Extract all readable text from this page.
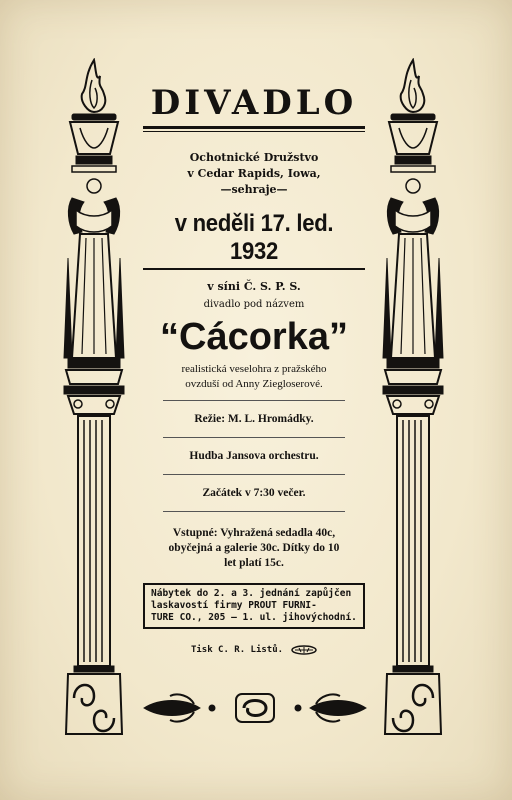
DIVADLO
Ochotnické Družstvo
v Cedar Rapids, Iowa,
—sehraje—
v neděli 17. led. 1932
v síni Č. S. P. S.
divadlo pod názvem
“Cácorka”
realistická veselohra z pražského
ovzduší od Anny Ziegloserové.
Režie: M. L. Hromádky.
Hudba Jansova orchestru.
Začátek v 7:30 večer.
Vstupné: Vyhražená sedadla 40c,
obyčejná a galerie 30c. Dítky do 10
let platí 15c.
Nábytek do 2. a 3. jednání zapůjčen
laskavostí firmy PROUT FURNI-
TURE CO., 205 — 1. ul. jihovýchodní.
Tisk C. R. Listů.
